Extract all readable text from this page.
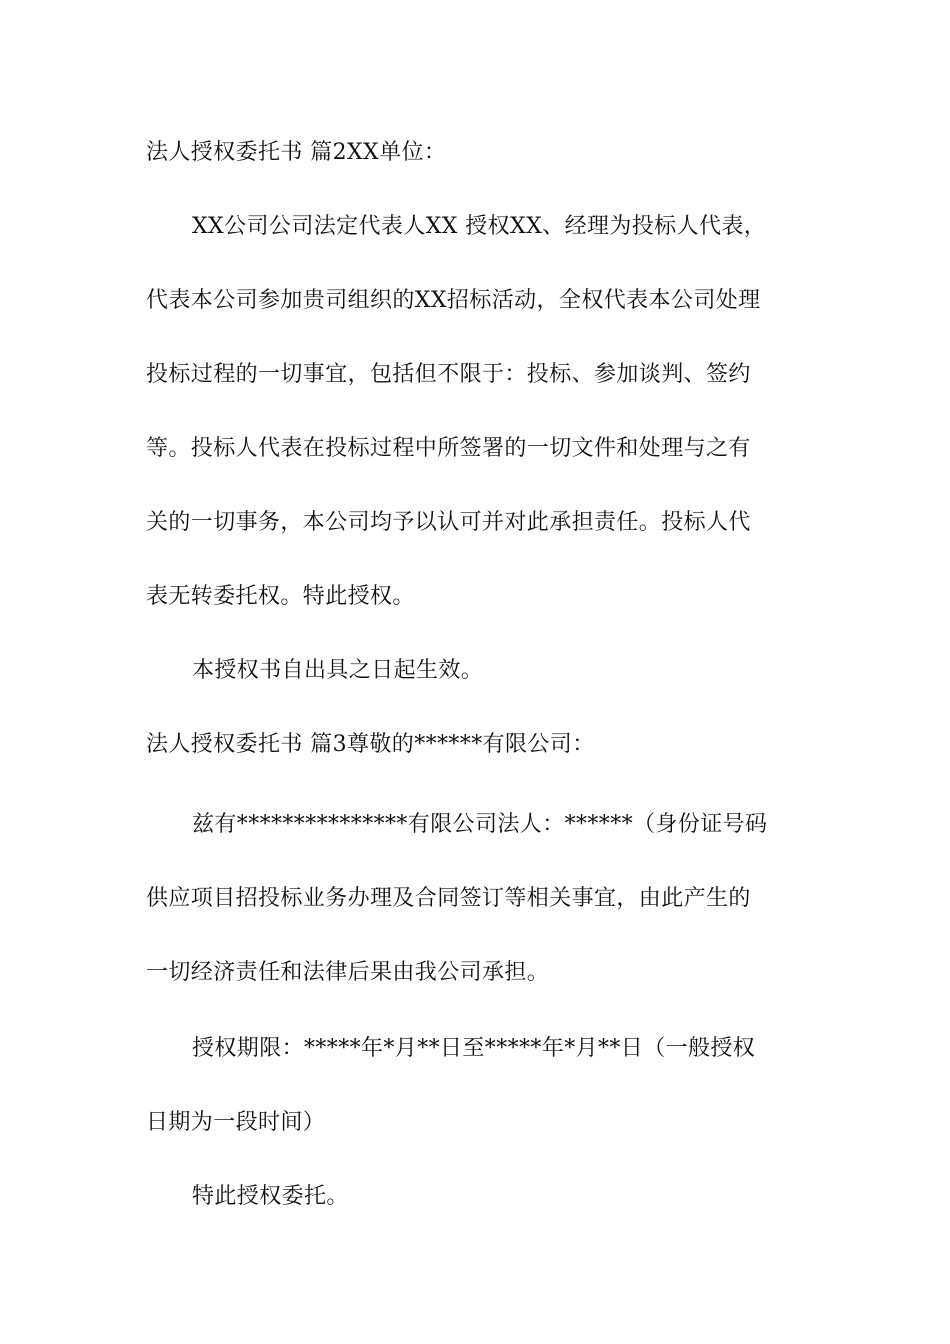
法人授权委托书 篇2XX单位：
XX公司公司法定代表人XX 授权XX、经理为投标人代表，
代表本公司参加贵司组织的XX招标活动，全权代表本公司处理
投标过程的一切事宜，包括但不限于：投标、参加谈判、签约
等。投标人代表在投标过程中所签署的一切文件和处理与之有
关的一切事务，本公司均予以认可并对此承担责任。投标人代
表无转委托权。特此授权。
本授权书自出具之日起生效。
法人授权委托书 篇3尊敬的******有限公司：
兹有***************有限公司法人：******（身份证号码
供应项目招投标业务办理及合同签订等相关事宜，由此产生的
一切经济责任和法律后果由我公司承担。
授权期限：*****年*月**日至*****年*月**日（一般授权
日期为一段时间）
特此授权委托。
